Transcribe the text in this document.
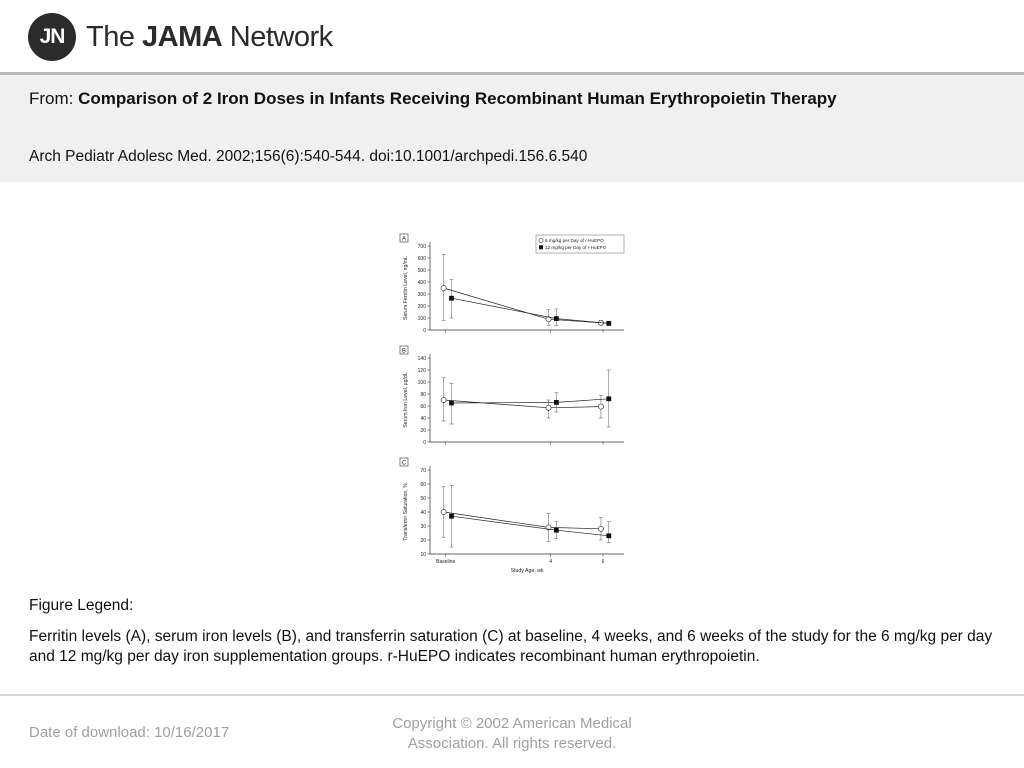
JN The JAMA Network
From: Comparison of 2 Iron Doses in Infants Receiving Recombinant Human Erythropoietin Therapy
Arch Pediatr Adolesc Med. 2002;156(6):540-544. doi:10.1001/archpedi.156.6.540
A
0
100
200
300
400
500
600
700
Serum Ferritin Level, ng/mL
6 mg/kg per Day of r-HuEPO
12 mg/kg per Day of r-HuEPO
B
0
20
40
60
80
100
120
140
Serum Iron Level, µg/dL
C
10
20
30
40
50
60
70
Transferrin Saturation, %
Baseline	4	6
Study Age, wk
Figure Legend:
Ferritin levels (A), serum iron levels (B), and transferrin saturation (C) at baseline, 4 weeks, and 6 weeks of the study for the 6 mg/kg per day and 12 mg/kg per day iron supplementation groups. r-HuEPO indicates recombinant human erythropoietin.
Date of download: 10/16/2017
Copyright © 2002 American Medical Association. All rights reserved.
